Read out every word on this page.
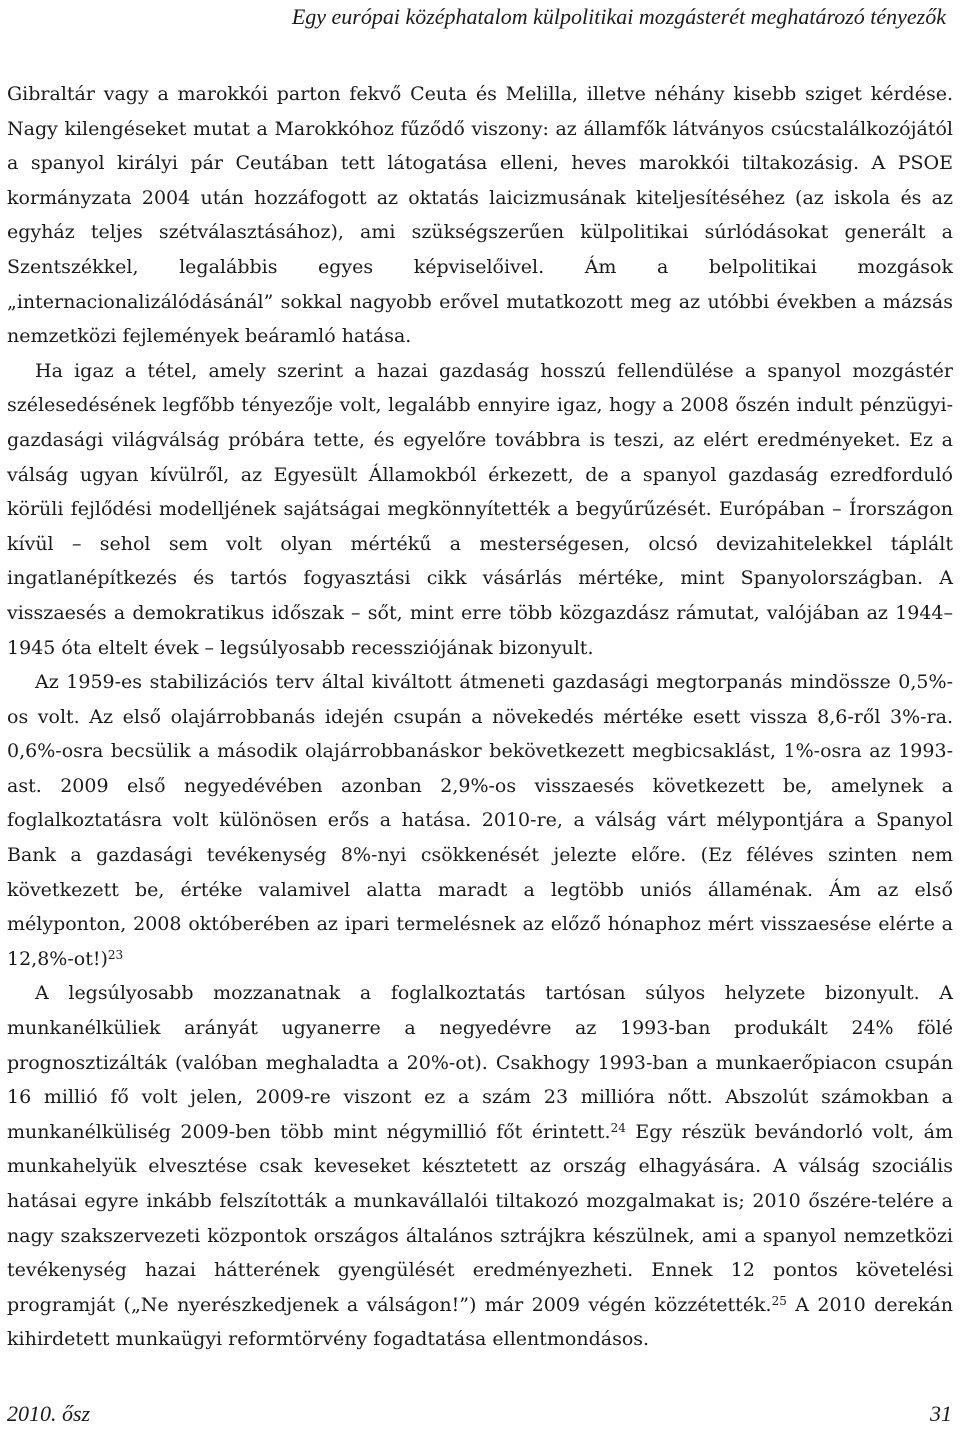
Egy európai középhatalom külpolitikai mozgásterét meghatározó tényezők

Gibraltár vagy a marokkói parton fekvő Ceuta és Melilla, illetve néhány kisebb sziget kérdése. Nagy kilengéseket mutat a Marokkóhoz fűződő viszony: az államfők látványos csúcstalálkozójától a spanyol királyi pár Ceutában tett látogatása elleni, heves marokkói tiltakozásig. A PSOE kormányzata 2004 után hozzáfogott az oktatás laicizmusának kiteljesítéséhez (az iskola és az egyház teljes szétválasztásához), ami szükségszerűen külpolitikai súrlódásokat generált a Szentszékkel, legalábbis egyes képviselőivel. Ám a belpolitikai mozgások „internacionalizálódásánál” sokkal nagyobb erővel mutatkozott meg az utóbbi években a mázsás nemzetközi fejlemények beáramló hatása.

Ha igaz a tétel, amely szerint a hazai gazdaság hosszú fellendülése a spanyol mozgástér szélesedésének legfőbb tényezője volt, legalább ennyire igaz, hogy a 2008 őszén indult pénzügyi-gazdasági világválság próbára tette, és egyelőre továbbra is teszi, az elért eredményeket. Ez a válság ugyan kívülről, az Egyesült Államokból érkezett, de a spanyol gazdaság ezredforduló körüli fejlődési modelljének sajátságai megkönnyítették a begyűrűzését. Európában – Írországon kívül – sehol sem volt olyan mértékű a mesterségesen, olcsó devizahitelekkel táplált ingatlanépítkezés és tartós fogyasztási cikk vásárlás mértéke, mint Spanyolországban. A visszaesés a demokratikus időszak – sőt, mint erre több közgazdász rámutat, valójában az 1944–1945 óta eltelt évek – legsúlyosabb recessziójának bizonyult.

Az 1959-es stabilizációs terv által kiváltott átmeneti gazdasági megtorpanás mindössze 0,5%-os volt. Az első olajárrobbanás idején csupán a növekedés mértéke esett vissza 8,6-ről 3%-ra. 0,6%-osra becsülik a második olajárrobbanáskor bekövetkezett megbicsaklást, 1%-osra az 1993-ast. 2009 első negyedévében azonban 2,9%-os visszaesés következett be, amelynek a foglalkoztatásra volt különösen erős a hatása. 2010-re, a válság várt mélypontjára a Spanyol Bank a gazdasági tevékenység 8%-nyi csökkenését jelezte előre. (Ez féléves szinten nem következett be, értéke valamivel alatta maradt a legtöbb uniós államénak. Ám az első mélyponton, 2008 októberében az ipari termelésnek az előző hónaphoz mért visszaesése elérte a 12,8%-ot!)$^{23}$

A legsúlyosabb mozzanatnak a foglalkoztatás tartósan súlyos helyzete bizonyult. A munkanélküliek arányát ugyanerre a negyedévre az 1993-ban produkált 24% fölé prognosztizálták (valóban meghaladta a 20%-ot). Csakhogy 1993-ban a munkaerőpiacon csupán 16 millió fő volt jelen, 2009-re viszont ez a szám 23 millióra nőtt. Abszolút számokban a munkanélküliség 2009-ben több mint négymillió főt érintett.$^{24}$ Egy részük bevándorló volt, ám munkahelyük elvesztése csak keveseket késztetett az ország elhagyására. A válság szociális hatásai egyre inkább felszították a munkavállalói tiltakozó mozgalmakat is; 2010 őszére-telére a nagy szakszervezeti központok országos általános sztrájkra készülnek, ami a spanyol nemzetközi tevékenység hazai hátterének gyengülését eredményezheti. Ennek 12 pontos követelési programját („Ne nyerészkedjenek a válságon!”) már 2009 végén közzétették.$^{25}$ A 2010 derekán kihirdetett munkaügyi reformtörvény fogadtatása ellentmondásos.

2010. ősz	31
